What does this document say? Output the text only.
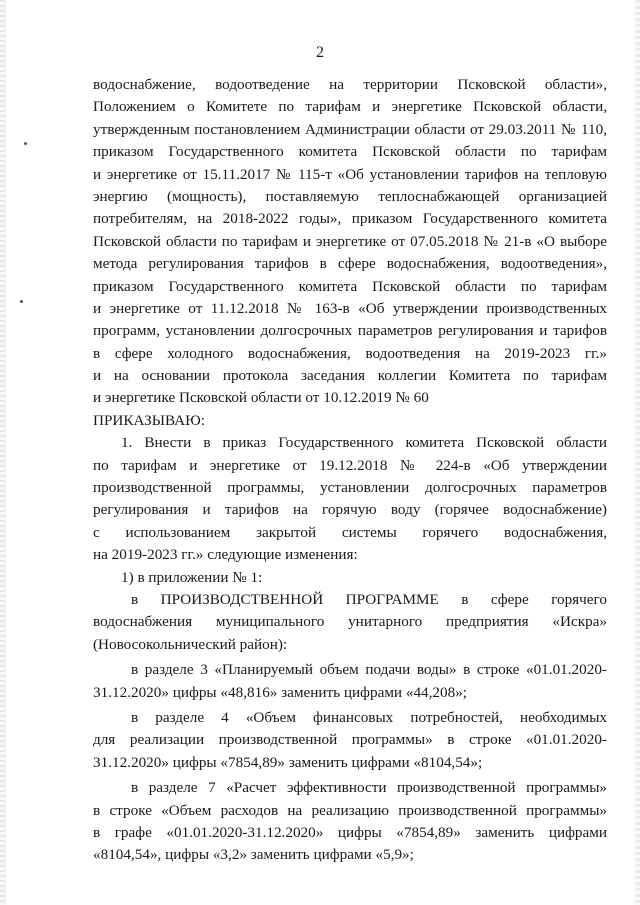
2
водоснабжение, водоотведение на территории Псковской области»,
Положением о Комитете по тарифам и энергетике Псковской области,
утвержденным постановлением Администрации области от 29.03.2011 № 110,
приказом Государственного комитета Псковской области по тарифам
и энергетике от 15.11.2017 № 115-т «Об установлении тарифов на тепловую
энергию (мощность), поставляемую теплоснабжающей организацией
потребителям, на 2018-2022 годы», приказом Государственного комитета
Псковской области по тарифам и энергетике от 07.05.2018 № 21-в «О выборе
метода регулирования тарифов в сфере водоснабжения, водоотведения»,
приказом Государственного комитета Псковской области по тарифам
и энергетике от 11.12.2018 № 163-в «Об утверждении производственных
программ, установлении долгосрочных параметров регулирования и тарифов
в сфере холодного водоснабжения, водоотведения на 2019-2023 гг.»
и на основании протокола заседания коллегии Комитета по тарифам
и энергетике Псковской области от 10.12.2019 № 60
ПРИКАЗЫВАЮ:
1. Внести в приказ Государственного комитета Псковской области
по тарифам и энергетике от 19.12.2018 № 224-в «Об утверждении
производственной программы, установлении долгосрочных параметров
регулирования и тарифов на горячую воду (горячее водоснабжение)
с использованием закрытой системы горячего водоснабжения,
на 2019-2023 гг.» следующие изменения:
1) в приложении № 1:
в ПРОИЗВОДСТВЕННОЙ ПРОГРАММЕ в сфере горячего
водоснабжения муниципального унитарного предприятия «Искра»
(Новосокольнический район):
в разделе 3 «Планируемый объем подачи воды» в строке «01.01.2020-
31.12.2020» цифры «48,816» заменить цифрами «44,208»;
в разделе 4 «Объем финансовых потребностей, необходимых
для реализации производственной программы» в строке «01.01.2020-
31.12.2020» цифры «7854,89» заменить цифрами «8104,54»;
в разделе 7 «Расчет эффективности производственной программы»
в строке «Объем расходов на реализацию производственной программы»
в графе «01.01.2020-31.12.2020» цифры «7854,89» заменить цифрами
«8104,54», цифры «3,2» заменить цифрами «5,9»;
